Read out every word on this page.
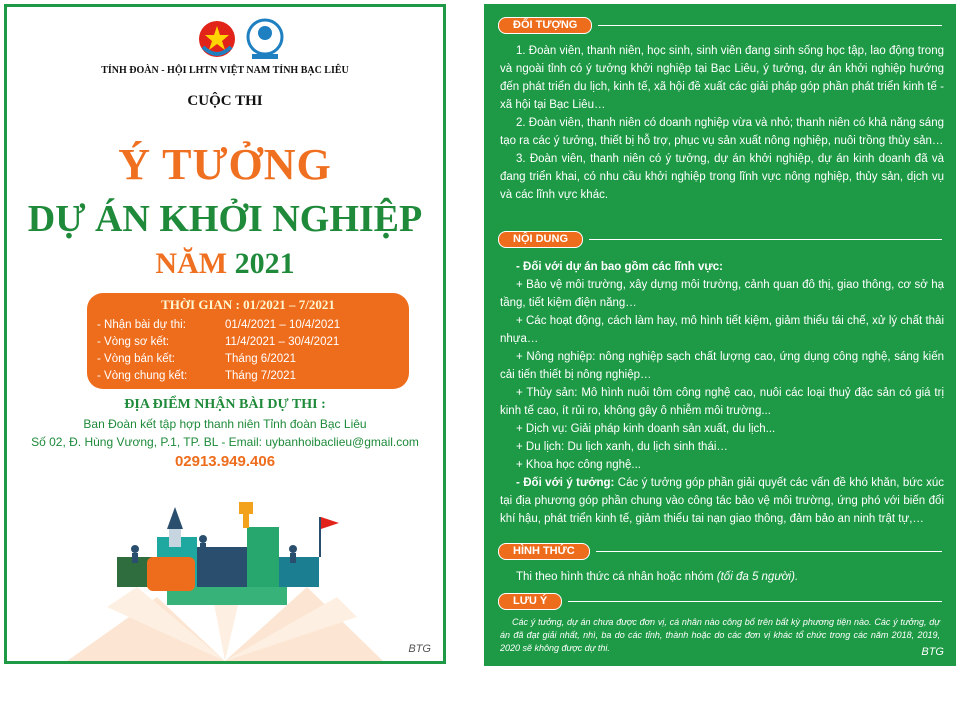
TỈNH ĐOÀN - HỘI LHTN VIỆT NAM TỈNH BẠC LIÊU
CUỘC THI
Ý TƯỞNG
DỰ ÁN KHỞI NGHIỆP
NĂM 2021
THỜI GIAN : 01/2021 – 7/2021
- Nhận bài dự thi:	01/4/2021 – 10/4/2021
- Vòng sơ kết:	11/4/2021 – 30/4/2021
- Vòng bán kết:	Tháng 6/2021
- Vòng chung kết:	Tháng 7/2021
ĐỊA ĐIỂM NHẬN BÀI DỰ THI :
Ban Đoàn kết tập hợp thanh niên Tỉnh đoàn Bạc Liêu
Số 02, Đ. Hùng Vương, P.1, TP. BL - Email: uybanhoibaclieu@gmail.com
02913.949.406
BTG
ĐỐI TƯỢNG

1. Đoàn viên, thanh niên, học sinh, sinh viên đang sinh sống học tập, lao động trong và ngoài tỉnh có ý tưởng khởi nghiệp tại Bạc Liêu, ý tưởng, dự án khởi nghiệp hướng đến phát triển du lịch, kinh tế, xã hội đề xuất các giải pháp góp phần phát triển kinh tế - xã hội tại Bạc Liêu…

2. Đoàn viên, thanh niên có doanh nghiệp vừa và nhỏ; thanh niên có khả năng sáng tạo ra các ý tưởng, thiết bị hỗ trợ, phục vụ sản xuất nông nghiệp, nuôi trồng thủy sản…

3. Đoàn viên, thanh niên có ý tưởng, dự án khởi nghiệp, dự án kinh doanh đã và đang triển khai, có nhu cầu khởi nghiệp trong lĩnh vực nông nghiệp, thủy sản, dịch vụ và các lĩnh vực khác.

NỘI DUNG

- Đối với dự án bao gồm các lĩnh vực:

+ Bảo vệ môi trường, xây dựng môi trường, cảnh quan đô thị, giao thông, cơ sở hạ tầng, tiết kiệm điện năng…

+ Các hoạt động, cách làm hay, mô hình tiết kiệm, giảm thiểu tái chế, xử lý chất thải nhựa…

+ Nông nghiệp: nông nghiệp sạch chất lượng cao, ứng dụng công nghệ, sáng kiến cải tiến thiết bị nông nghiệp…

+ Thủy sản: Mô hình nuôi tôm công nghệ cao, nuôi các loại thuỷ đặc sản có giá trị kinh tế cao, ít rủi ro, không gây ô nhiễm môi trường...

+ Dịch vụ: Giải pháp kinh doanh sản xuất, du lịch...

+ Du lịch: Du lịch xanh, du lịch sinh thái…

+ Khoa học công nghệ...

- Đối với ý tưởng: Các ý tưởng góp phần giải quyết các vấn đề khó khăn, bức xúc tại địa phương góp phần chung vào công tác bảo vệ môi trường, ứng phó với biến đổi khí hậu, phát triển kinh tế, giảm thiểu tai nạn giao thông, đảm bảo an ninh trật tự,…

HÌNH THỨC

Thi theo hình thức cá nhân hoặc nhóm (tối đa 5 người).

LƯU Ý

Các ý tưởng, dự án chưa được đơn vị, cá nhân nào công bố trên bất kỳ phương tiện nào. Các ý tưởng, dự án đã đạt giải nhất, nhì, ba do các tỉnh, thành hoặc do các đơn vị khác tổ chức trong các năm 2018, 2019, 2020 sẽ không được dự thi.	BTG
